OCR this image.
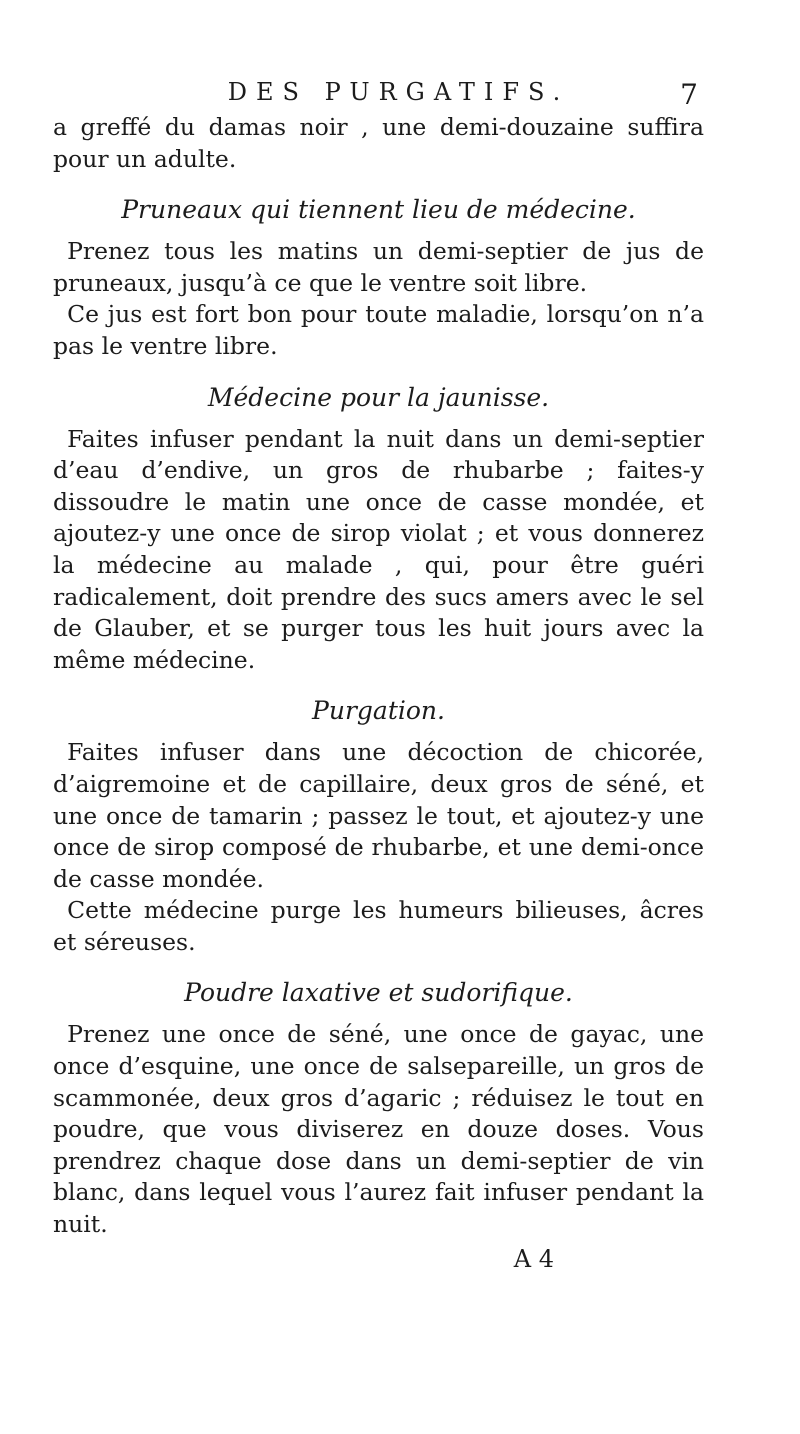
DES PURGATIFS.	7

a greffé du damas noir , une demi-douzaine suffira pour un adulte.

Pruneaux qui tiennent lieu de médecine.

Prenez tous les matins un demi-septier de jus de pruneaux, jusqu’à ce que le ventre soit libre.

Ce jus est fort bon pour toute maladie, lorsqu’on n’a pas le ventre libre.

Médecine pour la jaunisse.

Faites infuser pendant la nuit dans un demi-septier d’eau d’endive, un gros de rhubarbe ; faites-y dissoudre le matin une once de casse mondée, et ajoutez-y une once de sirop violat ; et vous donnerez la médecine au malade , qui, pour être guéri radicalement, doit prendre des sucs amers avec le sel de Glauber, et se purger tous les huit jours avec la même médecine.

Purgation.

Faites infuser dans une décoction de chicorée, d’aigremoine et de capillaire, deux gros de séné, et une once de tamarin ; passez le tout, et ajoutez-y une once de sirop composé de rhubarbe, et une demi-once de casse mondée.

Cette médecine purge les humeurs bilieuses, âcres et séreuses.

Poudre laxative et sudorifique.

Prenez une once de séné, une once de gayac, une once d’esquine, une once de salsepareille, un gros de scammonée, deux gros d’agaric ; réduisez le tout en poudre, que vous diviserez en douze doses. Vous prendrez chaque dose dans un demi-septier de vin blanc, dans lequel vous l’aurez fait infuser pendant la nuit.

A 4
